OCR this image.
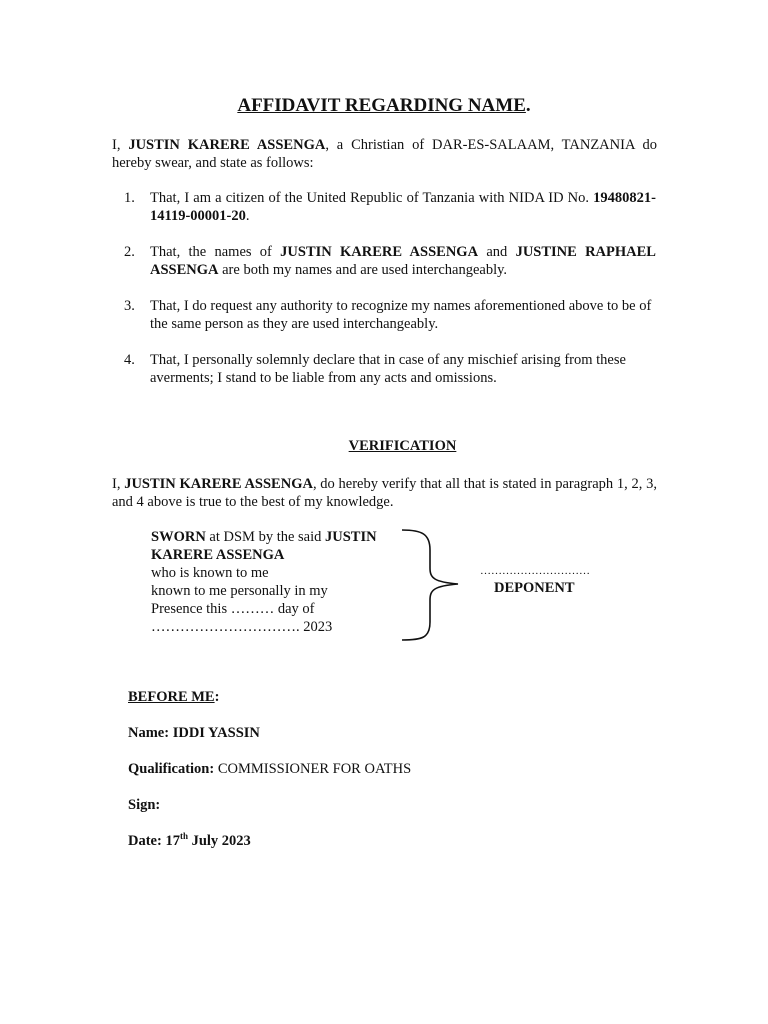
AFFIDAVIT REGARDING NAME.
I, JUSTIN KARERE ASSENGA, a Christian of DAR-ES-SALAAM, TANZANIA do hereby swear, and state as follows:
1.	That, I am a citizen of the United Republic of Tanzania with NIDA ID No. 19480821-14119-00001-20.
2.	That, the names of JUSTIN KARERE ASSENGA and JUSTINE RAPHAEL ASSENGA are both my names and are used interchangeably.
3.	That, I do request any authority to recognize my names aforementioned above to be of the same person as they are used interchangeably.
4.	That, I personally solemnly declare that in case of any mischief arising from these averments; I stand to be liable from any acts and omissions.
VERIFICATION
I, JUSTIN KARERE ASSENGA, do hereby verify that all that is stated in paragraph 1, 2, 3, and 4 above is true to the best of my knowledge.
SWORN at DSM by the said JUSTIN
KARERE ASSENGA
who is known to me
known to me personally in my
Presence this ……… day of
…………………………. 2023
…………………………
DEPONENT
BEFORE ME:
Name: IDDI YASSIN
Qualification: COMMISSIONER FOR OATHS
Sign:
Date: 17th July 2023
